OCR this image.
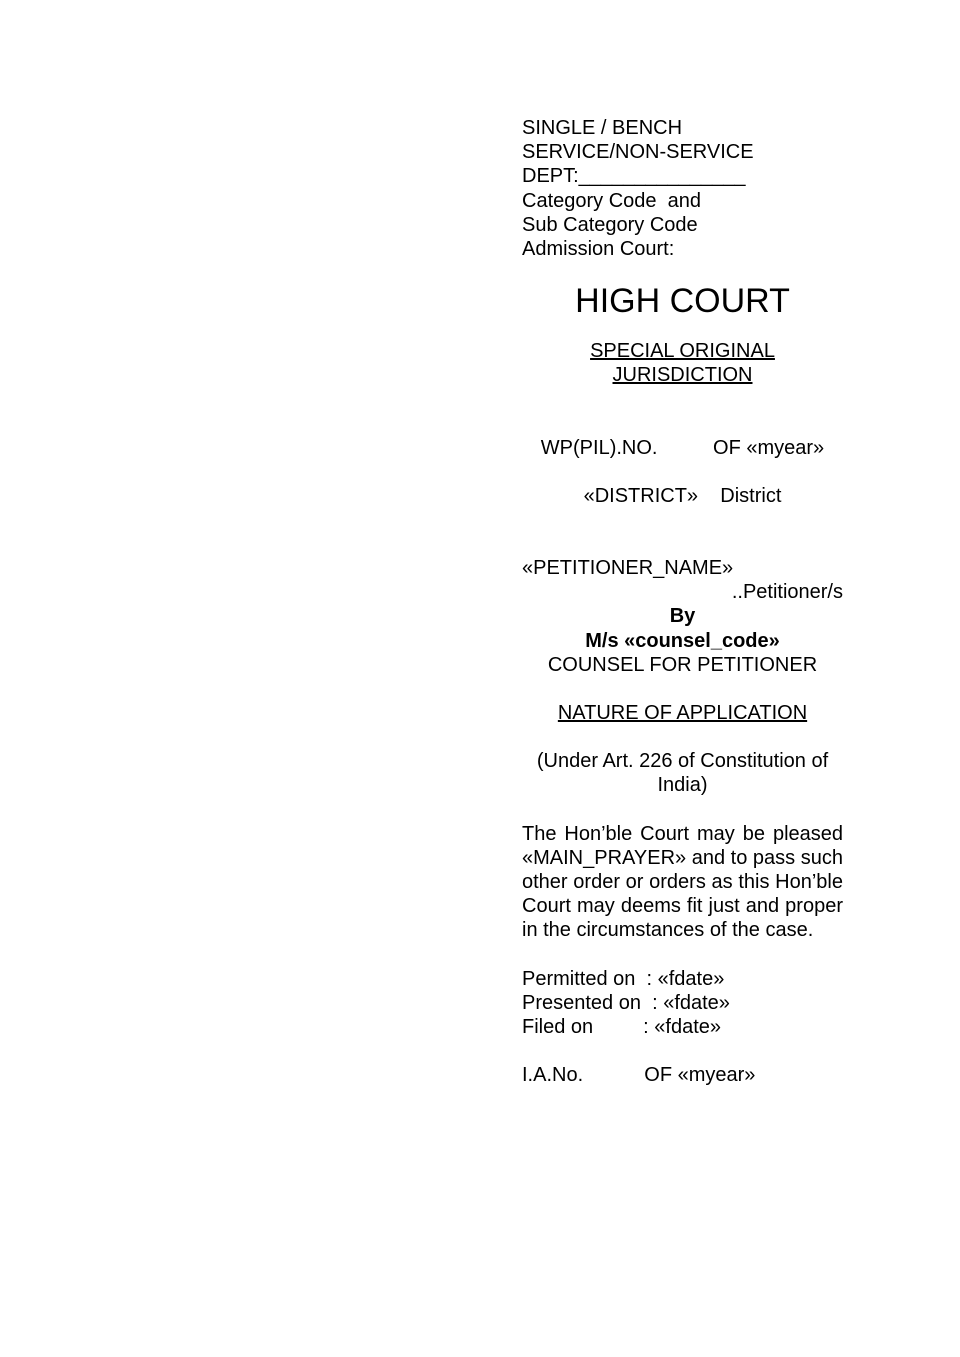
SINGLE / BENCH
SERVICE/NON-SERVICE
DEPT:_______________
Category Code  and
Sub Category Code
Admission Court:
HIGH COURT
SPECIAL ORIGINAL
JURISDICTION
WP(PIL).NO.          OF «myear»
«DISTRICT»    District
«PETITIONER_NAME»
..Petitioner/s
By
M/s «counsel_code»
COUNSEL FOR PETITIONER
NATURE OF APPLICATION
(Under Art. 226 of Constitution of India)
The Hon’ble Court may be pleased «MAIN_PRAYER» and to pass such other order or orders as this Hon’ble Court may deems fit just and proper in the circumstances of the case.
Permitted on  : «fdate»
Presented on  : «fdate»
Filed on         : «fdate»
I.A.No.           OF «myear»
